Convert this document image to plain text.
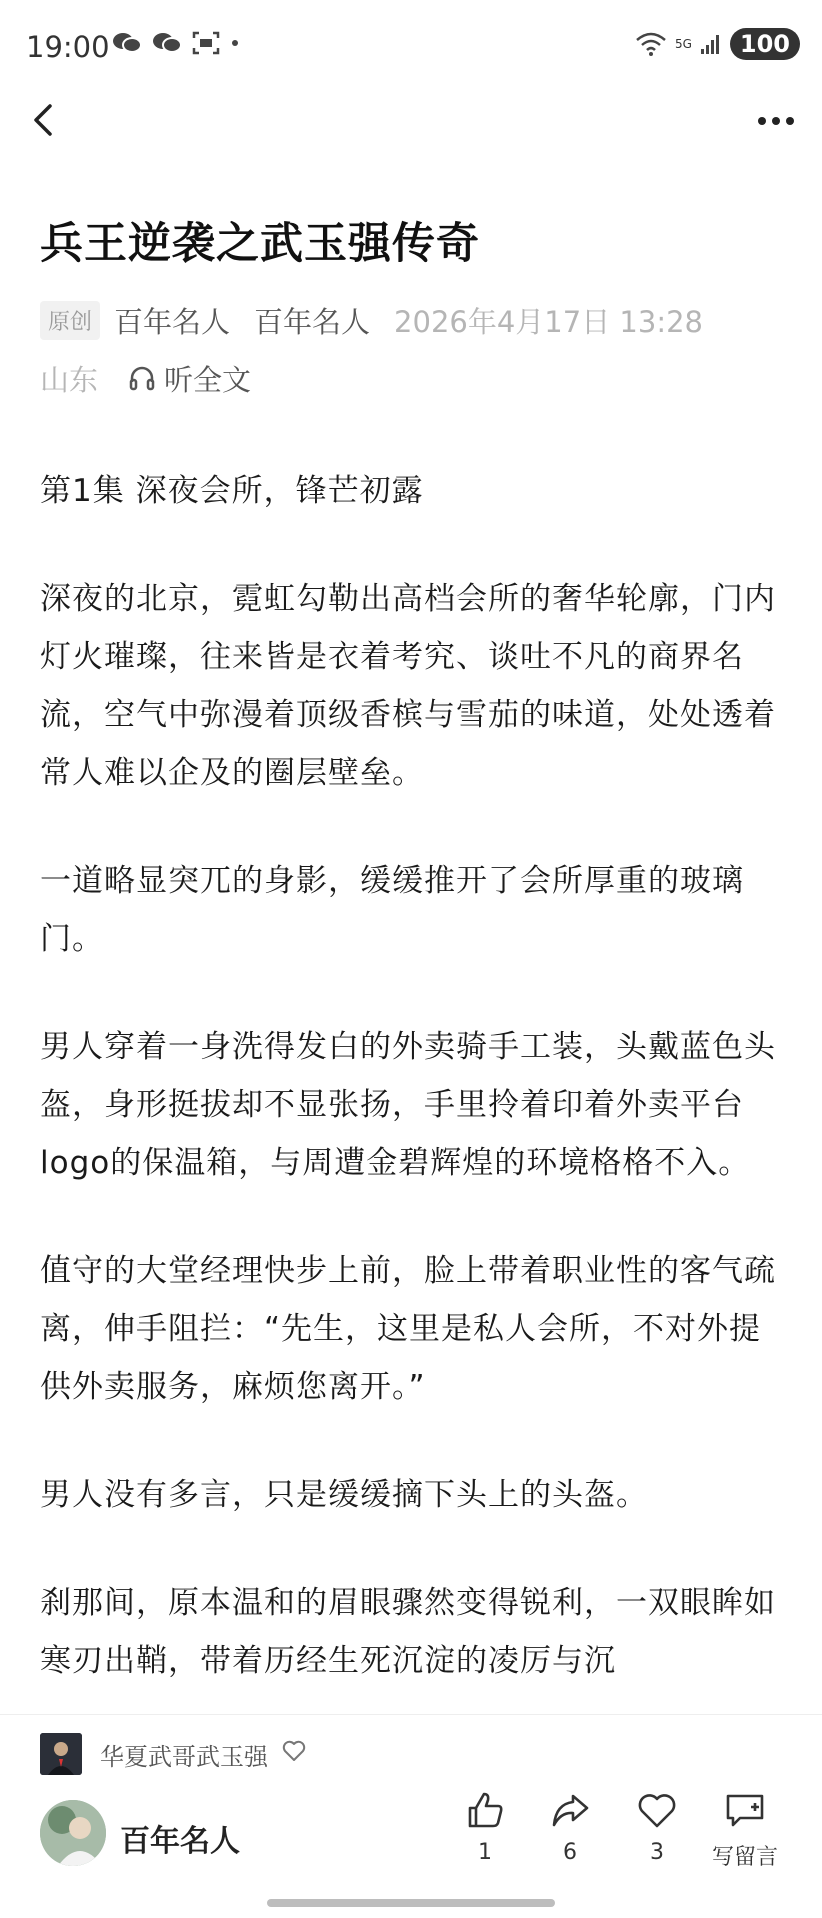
19:00	5G	100
兵王逆袭之武玉强传奇
原创 百年名人 百年名人 2026年4月17日 13:28
山东 听全文

第1集 深夜会所，锋芒初露

深夜的北京，霓虹勾勒出高档会所的奢华轮廓，门内灯火璀璨，往来皆是衣着考究、谈吐不凡的商界名流，空气中弥漫着顶级香槟与雪茄的味道，处处透着常人难以企及的圈层壁垒。

一道略显突兀的身影，缓缓推开了会所厚重的玻璃门。

男人穿着一身洗得发白的外卖骑手工装，头戴蓝色头盔，身形挺拔却不显张扬，手里拎着印着外卖平台logo的保温箱，与周遭金碧辉煌的环境格格不入。

值守的大堂经理快步上前，脸上带着职业性的客气疏离，伸手阻拦：“先生，这里是私人会所，不对外提供外卖服务，麻烦您离开。”

男人没有多言，只是缓缓摘下头上的头盔。

刹那间，原本温和的眉眼骤然变得锐利，一双眼眸如寒刃出鞘，带着历经生死沉淀的凌厉与沉

华夏武哥武玉强
百年名人	1	6	3	写留言
